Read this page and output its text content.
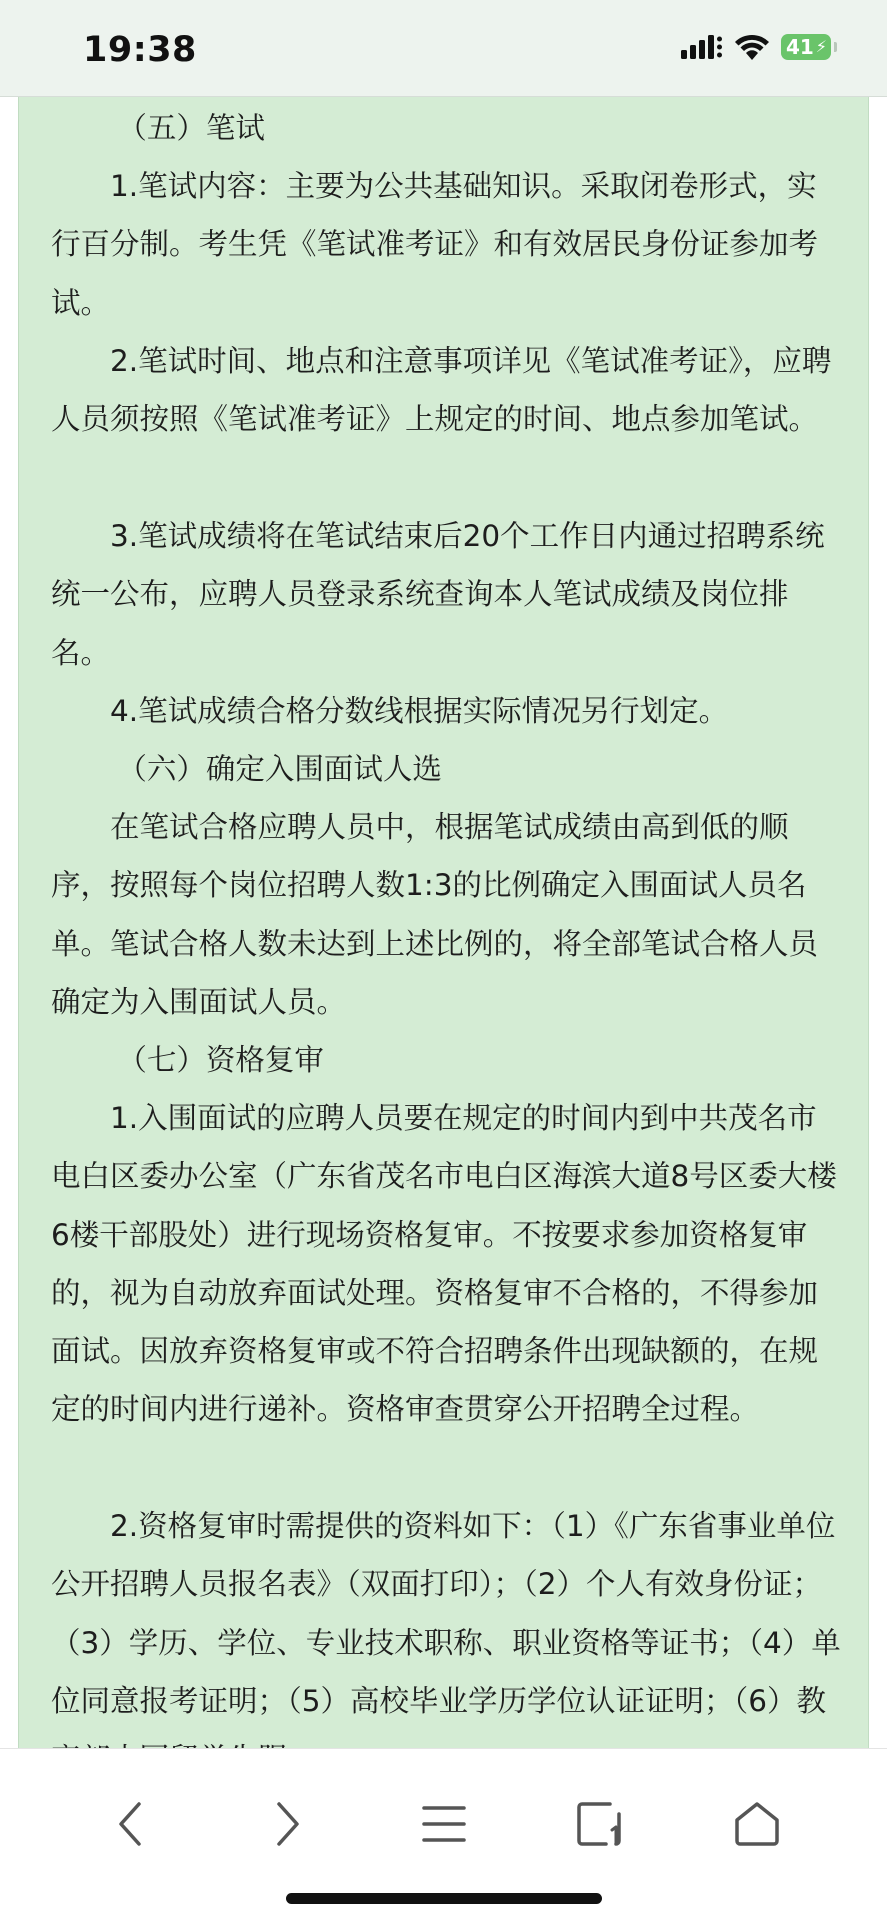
19:38	41 ⚡

（五）笔试

1.笔试内容：主要为公共基础知识。采取闭卷形式，实行百分制。考生凭《笔试准考证》和有效居民身份证参加考试。

2.笔试时间、地点和注意事项详见《笔试准考证》，应聘人员须按照《笔试准考证》上规定的时间、地点参加笔试。

3.笔试成绩将在笔试结束后20个工作日内通过招聘系统统一公布，应聘人员登录系统查询本人笔试成绩及岗位排名。

4.笔试成绩合格分数线根据实际情况另行划定。

（六）确定入围面试人选

在笔试合格应聘人员中，根据笔试成绩由高到低的顺序，按照每个岗位招聘人数1:3的比例确定入围面试人员名单。笔试合格人数未达到上述比例的，将全部笔试合格人员确定为入围面试人员。

（七）资格复审

1.入围面试的应聘人员要在规定的时间内到中共茂名市电白区委办公室（广东省茂名市电白区海滨大道8号区委大楼6楼干部股处）进行现场资格复审。不按要求参加资格复审的，视为自动放弃面试处理。资格复审不合格的，不得参加面试。因放弃资格复审或不符合招聘条件出现缺额的，在规定的时间内进行递补。资格审查贯穿公开招聘全过程。

2.资格复审时需提供的资料如下：（1）《广东省事业单位公开招聘人员报名表》（双面打印）；（2）个人有效身份证；（3）学历、学位、专业技术职称、职业资格等证书；（4）单位同意报考证明；（5）高校毕业学历学位认证证明；（6）教
